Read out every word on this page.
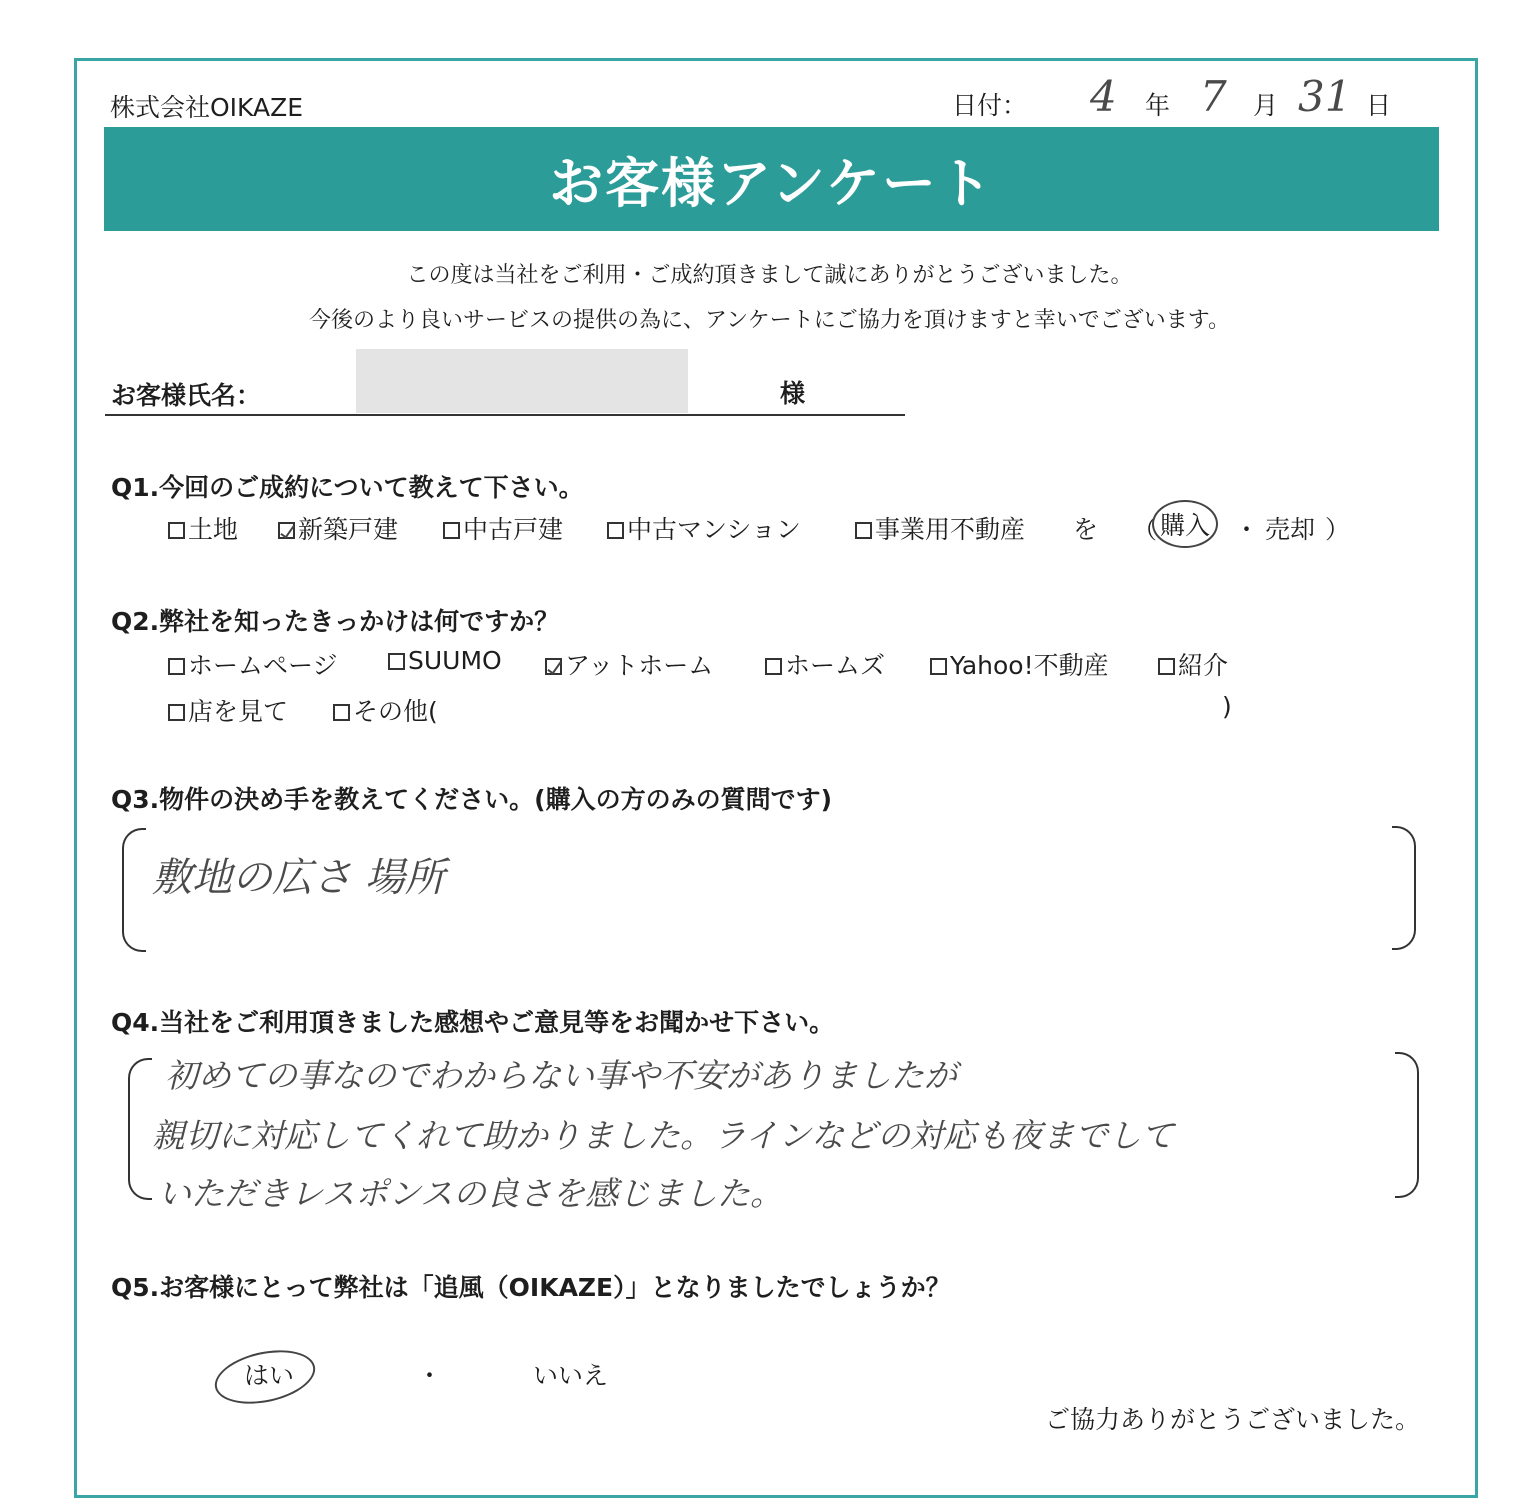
株式会社OIKAZE	日付： 4 年 7 月 31 日
お客様アンケート
この度は当社をご利用・ご成約頂きまして誠にありがとうございました。
今後のより良いサービスの提供の為に、アンケートにご協力を頂けますと幸いでございます。
お客様氏名：	様
Q1.今回のご成約について教えて下さい。
土地	新築戸建	中古戸建	中古マンション	事業用不動産 を （ 購入 ・ 売却 ）
Q2.弊社を知ったきっかけは何ですか？
ホームページ	SUUMO	アットホーム	ホームズ	Yahoo!不動産	紹介
店を見て	その他(	)
Q3.物件の決め手を教えてください。(購入の方のみの質問です)
敷地の広さ 場所
Q4.当社をご利用頂きました感想やご意見等をお聞かせ下さい。
初めての事なのでわからない事や不安がありましたが
親切に対応してくれて助かりました。ラインなどの対応も夜までして
いただきレスポンスの良さを感じました。
Q5.お客様にとって弊社は「追風（OIKAZE）」となりましたでしょうか？
はい	・	いいえ
ご協力ありがとうございました。
